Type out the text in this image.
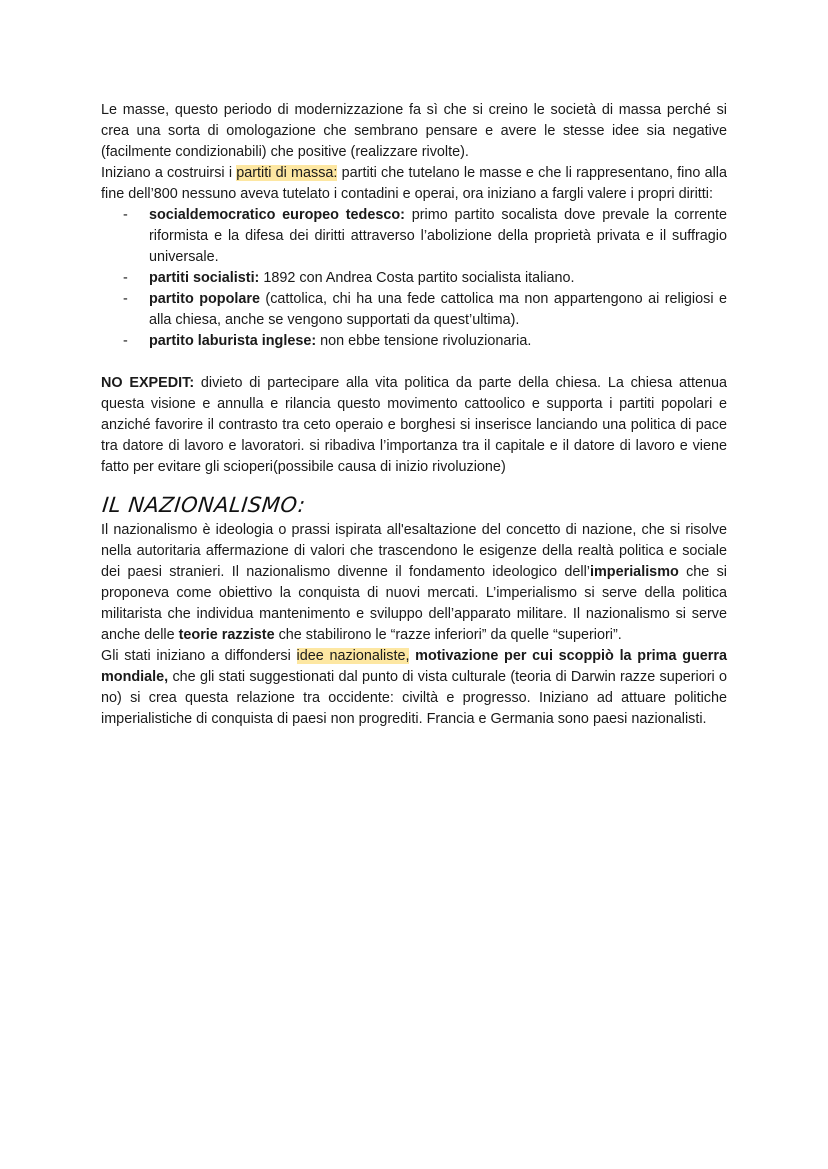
Le masse, questo periodo di modernizzazione fa sì che si creino le società di massa perché si crea una sorta di omologazione che sembrano pensare e avere le stesse idee sia negative (facilmente condizionabili) che positive (realizzare rivolte).
Iniziano a costruirsi i partiti di massa: partiti che tutelano le masse e che li rappresentano, fino alla fine dell’800 nessuno aveva tutelato i contadini e operai, ora iniziano a fargli valere i propri diritti:

- socialdemocratico europeo tedesco: primo partito socalista dove prevale la corrente riformista e la difesa dei diritti attraverso l’abolizione della proprietà privata e il suffragio universale.
- partiti socialisti: 1892 con Andrea Costa partito socialista italiano.
- partito popolare (cattolica, chi ha una fede cattolica ma non appartengono ai religiosi e alla chiesa, anche se vengono supportati da quest’ultima).
- partito laburista inglese: non ebbe tensione rivoluzionaria.

NO EXPEDIT: divieto di partecipare alla vita politica da parte della chiesa. La chiesa attenua questa visione e annulla e rilancia questo movimento cattoolico e supporta i partiti popolari e anziché favorire il contrasto tra ceto operaio e borghesi si inserisce lanciando una politica di pace tra datore di lavoro e lavoratori. si ribadiva l’importanza tra il capitale e il datore di lavoro e viene fatto per evitare gli scioperi(possibile causa di inizio rivoluzione)

IL NAZIONALISMO:

Il nazionalismo è ideologia o prassi ispirata all'esaltazione del concetto di nazione, che si risolve nella autoritaria affermazione di valori che trascendono le esigenze della realtà politica e sociale dei paesi stranieri. Il nazionalismo divenne il fondamento ideologico dell’imperialismo che si proponeva come obiettivo la conquista di nuovi mercati. L’imperialismo si serve della politica militarista che individua mantenimento e sviluppo dell’apparato militare. Il nazionalismo si serve anche delle teorie razziste che stabilirono le “razze inferiori” da quelle “superiori”.

Gli stati iniziano a diffondersi idee nazionaliste, motivazione per cui scoppiò la prima guerra mondiale, che gli stati suggestionati dal punto di vista culturale (teoria di Darwin razze superiori o no) si crea questa relazione tra occidente: civiltà e progresso. Iniziano ad attuare politiche imperialistiche di conquista di paesi non progrediti. Francia e Germania sono paesi nazionalisti.
